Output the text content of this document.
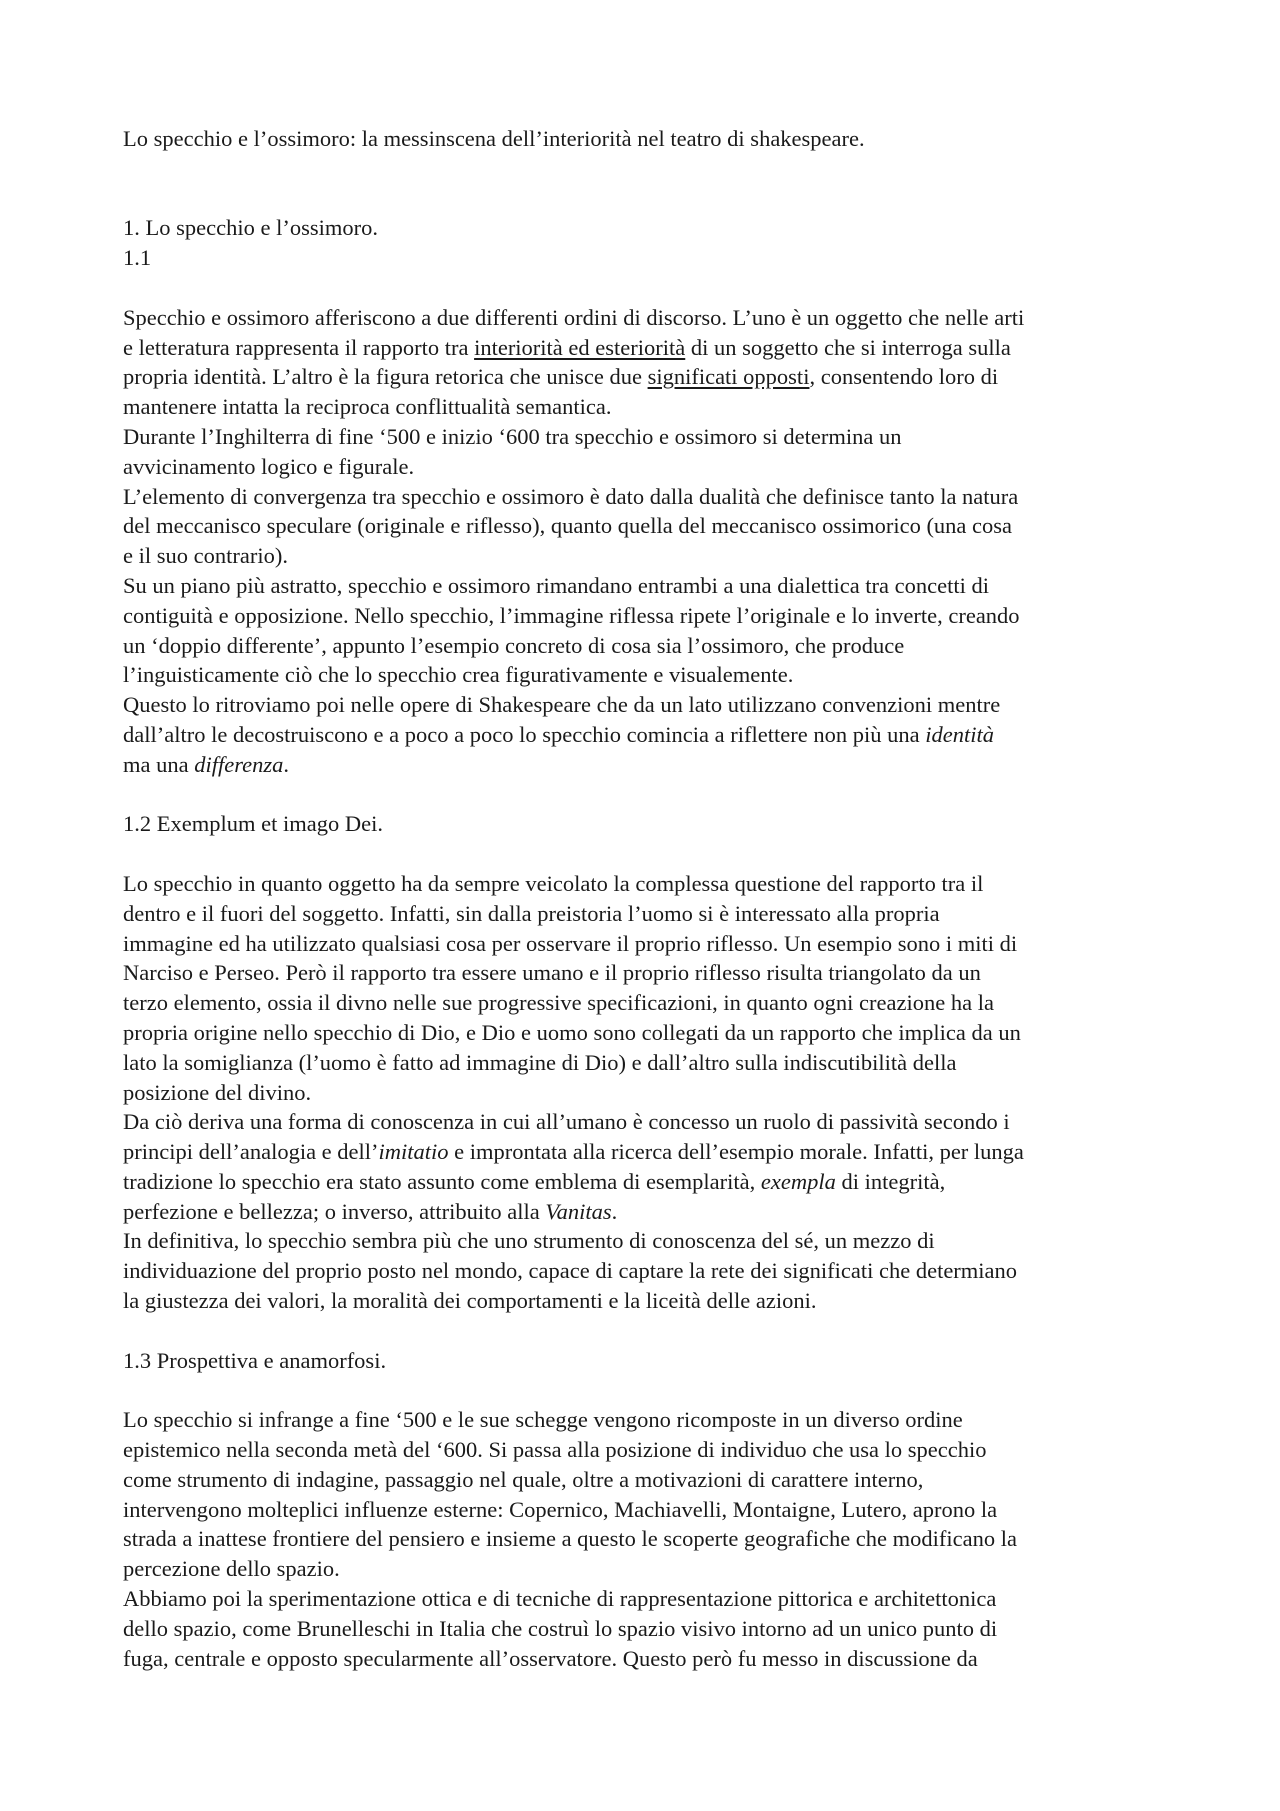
Lo specchio e l’ossimoro: la messinscena dell’interiorità nel teatro di shakespeare.
1. Lo specchio e l’ossimoro.
1.1
Specchio e ossimoro afferiscono a due differenti ordini di discorso. L’uno è un oggetto che nelle arti
e letteratura rappresenta il rapporto tra interiorità ed esteriorità di un soggetto che si interroga sulla
propria identità. L’altro è la figura retorica che unisce due significati opposti, consentendo loro di
mantenere intatta la reciproca conflittualità semantica.
Durante l’Inghilterra di fine ‘500 e inizio ‘600 tra specchio e ossimoro si determina un
avvicinamento logico e figurale.
L’elemento di convergenza tra specchio e ossimoro è dato dalla dualità che definisce tanto la natura
del meccanisco speculare (originale e riflesso), quanto quella del meccanisco ossimorico (una cosa
e il suo contrario).
Su un piano più astratto, specchio e ossimoro rimandano entrambi a una dialettica tra concetti di
contiguità e opposizione. Nello specchio, l’immagine riflessa ripete l’originale e lo inverte, creando
un ‘doppio differente’, appunto l’esempio concreto di cosa sia l’ossimoro, che produce
l’inguisticamente ciò che lo specchio crea figurativamente e visualemente.
Questo lo ritroviamo poi nelle opere di Shakespeare che da un lato utilizzano convenzioni mentre
dall’altro le decostruiscono e a poco a poco lo specchio comincia a riflettere non più una identità
ma una differenza.
1.2 Exemplum et imago Dei.
Lo specchio in quanto oggetto ha da sempre veicolato la complessa questione del rapporto tra il
dentro e il fuori del soggetto. Infatti, sin dalla preistoria l’uomo si è interessato alla propria
immagine ed ha utilizzato qualsiasi cosa per osservare il proprio riflesso. Un esempio sono i miti di
Narciso e Perseo. Però il rapporto tra essere umano e il proprio riflesso risulta triangolato da un
terzo elemento, ossia il divno nelle sue progressive specificazioni, in quanto ogni creazione ha la
propria origine nello specchio di Dio, e Dio e uomo sono collegati da un rapporto che implica da un
lato la somiglianza (l’uomo è fatto ad immagine di Dio) e dall’altro sulla indiscutibilità della
posizione del divino.
Da ciò deriva una forma di conoscenza in cui all’umano è concesso un ruolo di passività secondo i
principi dell’analogia e dell’imitatio e improntata alla ricerca dell’esempio morale. Infatti, per lunga
tradizione lo specchio era stato assunto come emblema di esemplarità, exempla di integrità,
perfezione e bellezza; o inverso, attribuito alla Vanitas.
In definitiva, lo specchio sembra più che uno strumento di conoscenza del sé, un mezzo di
individuazione del proprio posto nel mondo, capace di captare la rete dei significati che determiano
la giustezza dei valori, la moralità dei comportamenti e la liceità delle azioni.
1.3 Prospettiva e anamorfosi.
Lo specchio si infrange a fine ‘500 e le sue schegge vengono ricomposte in un diverso ordine
epistemico nella seconda metà del ‘600. Si passa alla posizione di individuo che usa lo specchio
come strumento di indagine, passaggio nel quale, oltre a motivazioni di carattere interno,
intervengono molteplici influenze esterne: Copernico, Machiavelli, Montaigne, Lutero, aprono la
strada a inattese frontiere del pensiero e insieme a questo le scoperte geografiche che modificano la
percezione dello spazio.
Abbiamo poi la sperimentazione ottica e di tecniche di rappresentazione pittorica e architettonica
dello spazio, come Brunelleschi in Italia che costruì lo spazio visivo intorno ad un unico punto di
fuga, centrale e opposto specularmente all’osservatore. Questo però fu messo in discussione da
